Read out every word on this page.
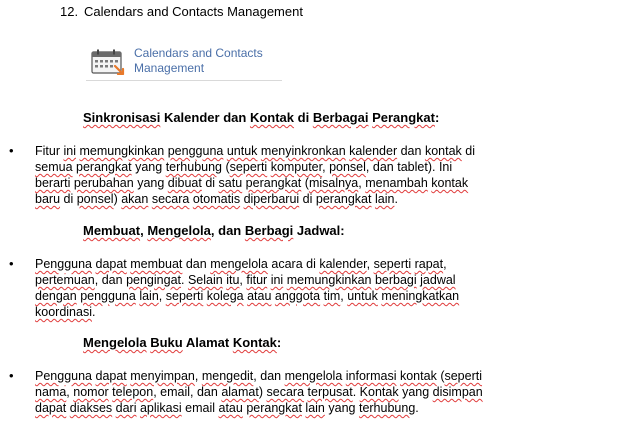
12. Calendars and Contacts Management
Calendars and Contacts
Management
Sinkronisasi Kalender dan Kontak di Berbagai Perangkat:
• Fitur ini memungkinkan pengguna untuk menyinkronkan kalender dan kontak di
semua perangkat yang terhubung (seperti komputer, ponsel, dan tablet). Ini
berarti perubahan yang dibuat di satu perangkat (misalnya, menambah kontak
baru di ponsel) akan secara otomatis diperbarui di perangkat lain.
Membuat, Mengelola, dan Berbagi Jadwal:
• Pengguna dapat membuat dan mengelola acara di kalender, seperti rapat,
pertemuan, dan pengingat. Selain itu, fitur ini memungkinkan berbagi jadwal
dengan pengguna lain, seperti kolega atau anggota tim, untuk meningkatkan
koordinasi.
Mengelola Buku Alamat Kontak:
• Pengguna dapat menyimpan, mengedit, dan mengelola informasi kontak (seperti
nama, nomor telepon, email, dan alamat) secara terpusat. Kontak yang disimpan
dapat diakses dari aplikasi email atau perangkat lain yang terhubung.
